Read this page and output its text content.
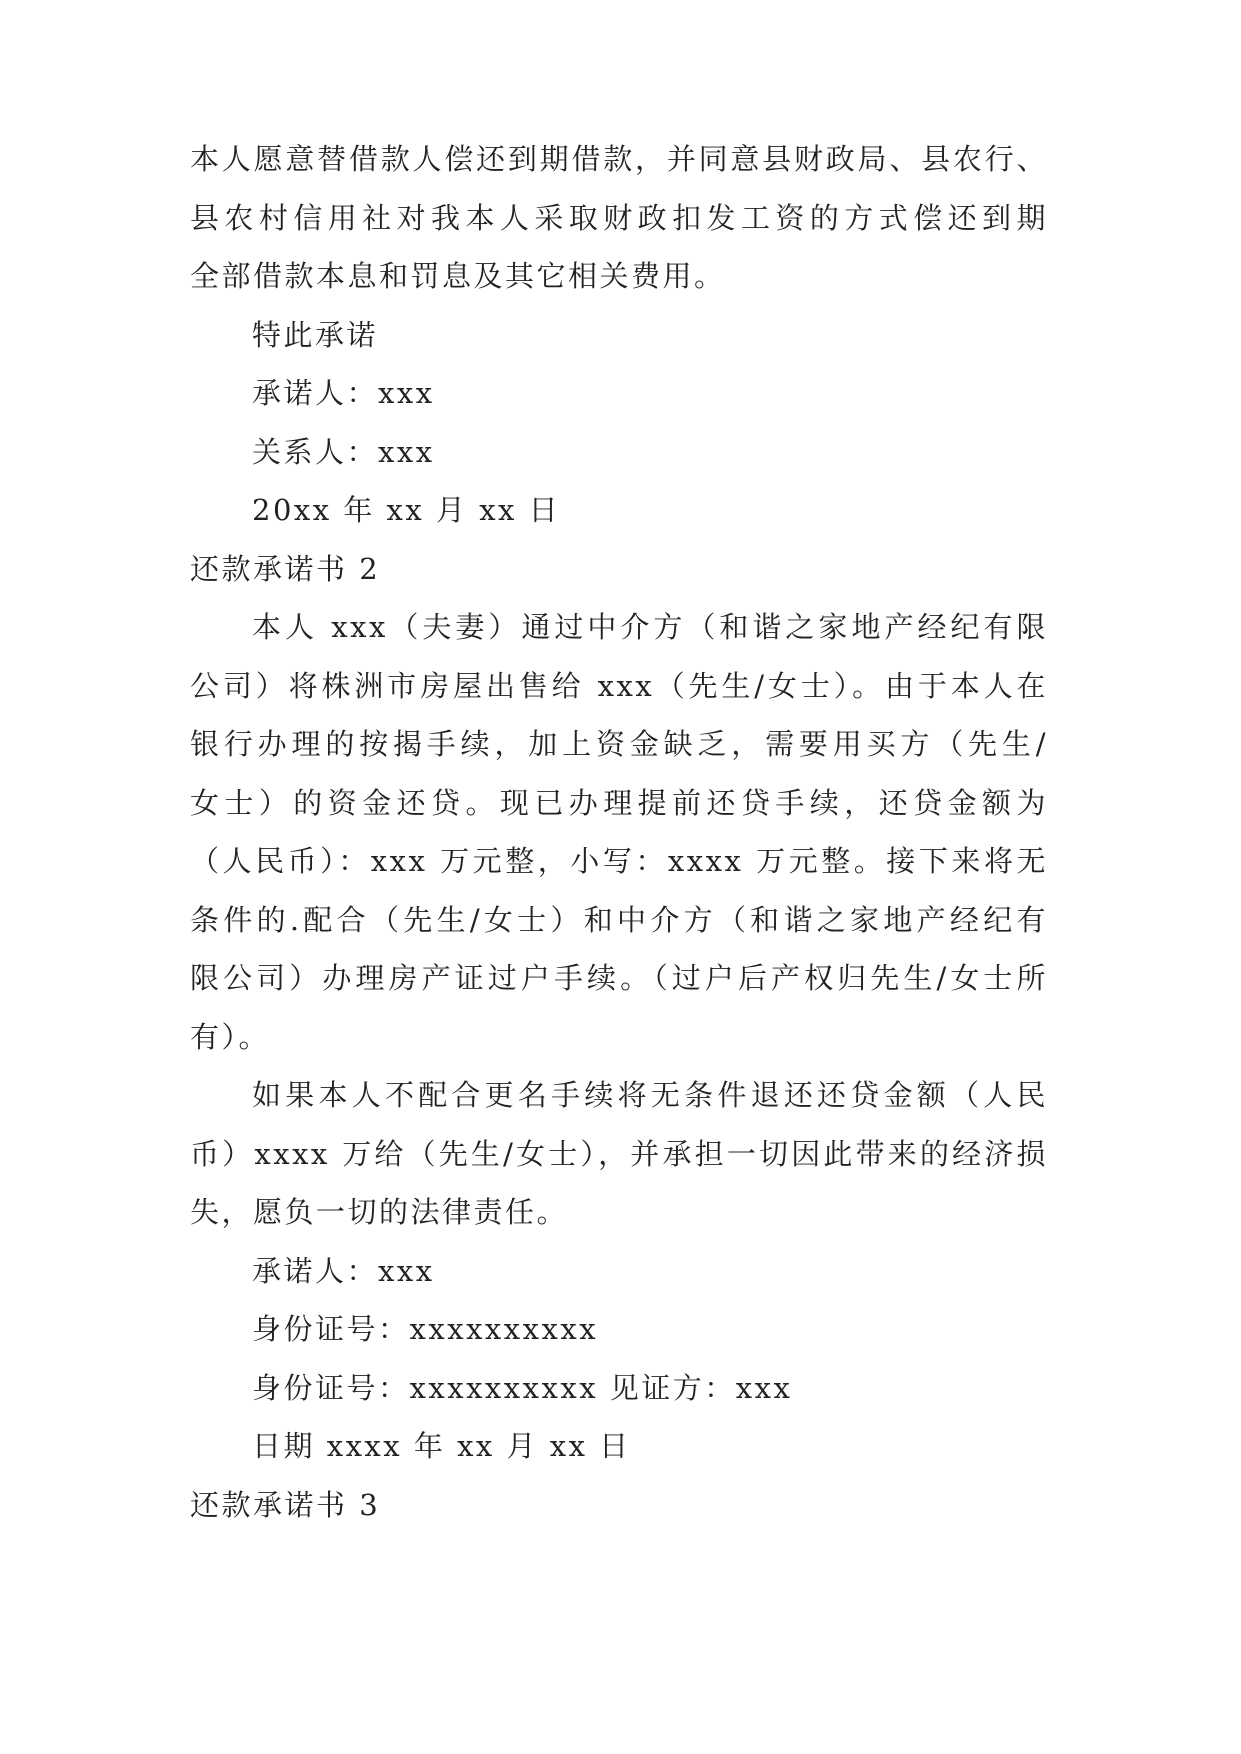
本人愿意替借款人偿还到期借款，并同意县财政局、县农行、
县农村信用社对我本人采取财政扣发工资的方式偿还到期
全部借款本息和罚息及其它相关费用。
特此承诺
承诺人：xxx
关系人：xxx
20xx 年 xx 月 xx 日
还款承诺书 2
本人 xxx（夫妻）通过中介方（和谐之家地产经纪有限
公司）将株洲市房屋出售给 xxx（先生/女士）。由于本人在
银行办理的按揭手续，加上资金缺乏，需要用买方（先生/
女士）的资金还贷。现已办理提前还贷手续，还贷金额为
（人民币）：xxx 万元整，小写：xxxx 万元整。接下来将无
条件的.配合（先生/女士）和中介方（和谐之家地产经纪有
限公司）办理房产证过户手续。（过户后产权归先生/女士所
有）。
如果本人不配合更名手续将无条件退还还贷金额（人民
币）xxxx 万给（先生/女士），并承担一切因此带来的经济损
失，愿负一切的法律责任。
承诺人：xxx
身份证号：xxxxxxxxxx
身份证号：xxxxxxxxxx 见证方：xxx
日期 xxxx 年 xx 月 xx 日
还款承诺书 3
